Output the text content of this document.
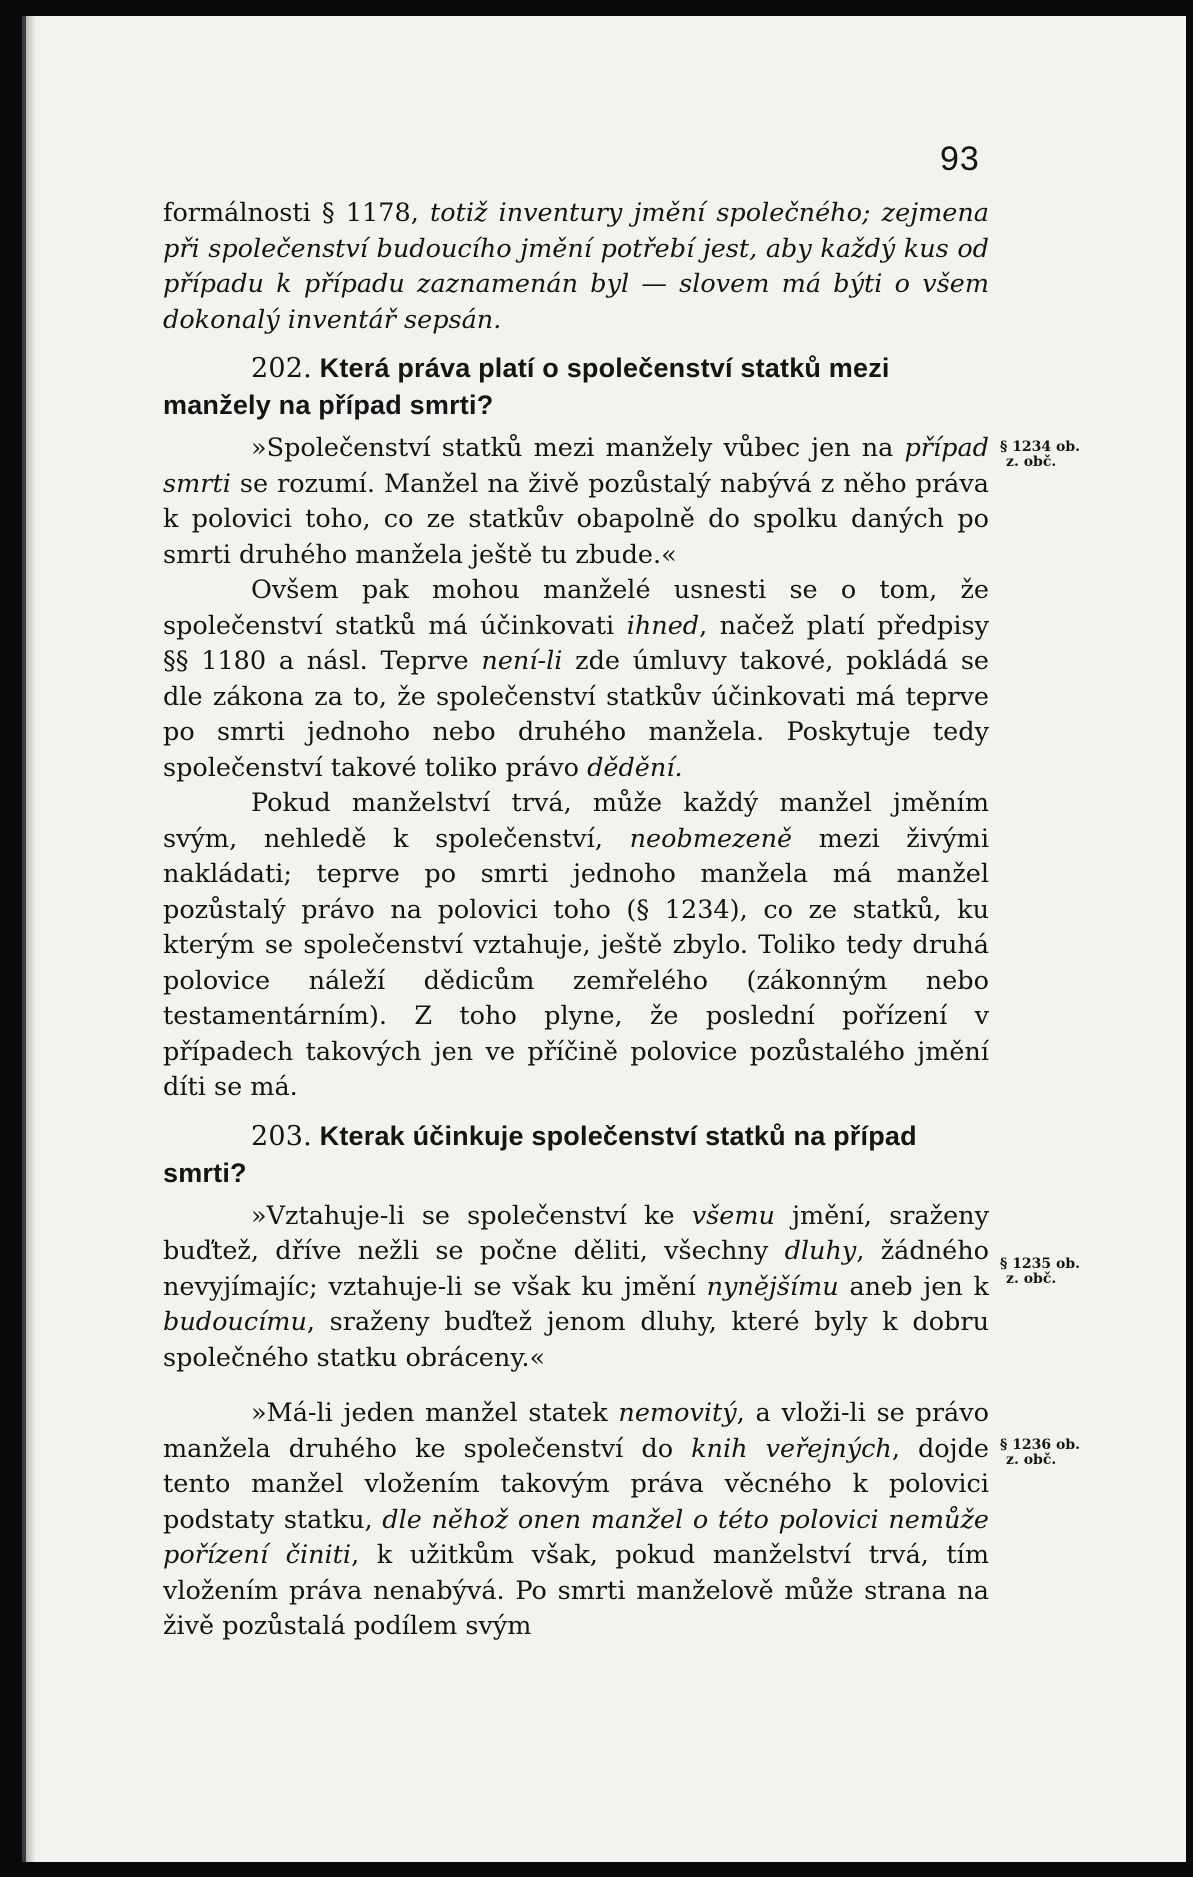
93

formálnosti § 1178, totiž inventury jmění společného; zejmena při společenství budoucího jmění potřebí jest, aby každý kus od případu k případu zaznamenán byl — slovem má býti o všem dokonalý inventář sepsán.

202. Která práva platí o společenství statků mezi manžely na případ smrti?

»Společenství statků mezi manžely vůbec jen na případ smrti se rozumí. Manžel na živě pozůstalý nabývá z něho práva k polovici toho, co ze statkův obapolně do spolku daných po smrti druhého manžela ještě tu zbude.«

Ovšem pak mohou manželé usnesti se o tom, že společenství statků má účinkovati ihned, načež platí předpisy §§ 1180 a násl. Teprve není-li zde úmluvy takové, pokládá se dle zákona za to, že společenství statkův účinkovati má teprve po smrti jednoho nebo druhého manžela. Poskytuje tedy společenství takové toliko právo dědění.

Pokud manželství trvá, může každý manžel jměním svým, nehledě k společenství, neobmezeně mezi živými nakládati; teprve po smrti jednoho manžela má manžel pozůstalý právo na polovici toho (§ 1234), co ze statků, ku kterým se společenství vztahuje, ještě zbylo. Toliko tedy druhá polovice náleží dědicům zemřelého (zákonným nebo testamentárním). Z toho plyne, že poslední pořízení v případech takových jen ve příčině polovice pozůstalého jmění díti se má.

203. Kterak účinkuje společenství statků na případ smrti?

»Vztahuje-li se společenství ke všemu jmění, sraženy buďtež, dříve nežli se počne děliti, všechny dluhy, žádného nevyjímajíc; vztahuje-li se však ku jmění nynějšímu aneb jen k budoucímu, sraženy buďtež jenom dluhy, které byly k dobru společného statku obráceny.«

»Má-li jeden manžel statek nemovitý, a vloži-li se právo manžela druhého ke společenství do knih veřejných, dojde tento manžel vložením takovým práva věcného k polovici podstaty statku, dle něhož onen manžel o této polovici nemůže pořízení činiti, k užitkům však, pokud manželství trvá, tím vložením práva nenabývá. Po smrti manželově může strana na živě pozůstalá podílem svým

§ 1234 ob.
z. obč.
§ 1235 ob.
z. obč.
§ 1236 ob.
z. obč.
